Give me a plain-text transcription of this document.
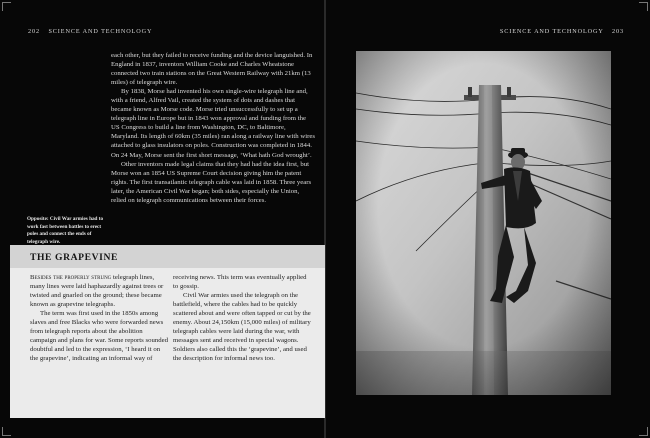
202 SCIENCE AND TECHNOLOGY

each other, but they failed to receive funding and the device languished. In England in 1837, inventors William Cooke and Charles Wheatstone connected two train stations on the Great Western Railway with 21km (13 miles) of telegraph wire.

By 1838, Morse had invented his own single-wire telegraph line and, with a friend, Alfred Vail, created the system of dots and dashes that became known as Morse code. Morse tried unsuccessfully to set up a telegraph line in Europe but in 1843 won approval and funding from the US Congress to build a line from Washington, DC, to Baltimore, Maryland. Its length of 60km (35 miles) ran along a railway line with wires attached to glass insulators on poles. Construction was completed in 1844. On 24 May, Morse sent the first short message, ‘What hath God wrought’.

Other inventors made legal claims that they had had the idea first, but Morse won an 1854 US Supreme Court decision giving him the patent rights. The first transatlantic telegraph cable was laid in 1858. Three years later, the American Civil War began; both sides, especially the Union, relied on telegraph communications between their forces.

Opposite: Civil War armies had to work fast between battles to erect poles and connect the ends of telegraph wire.
THE GRAPEVINE

Besides the properly strung telegraph lines, many lines were laid haphazardly against trees or twisted and gnarled on the ground; these became known as grapevine telegraphs.

The term was first used in the 1850s among slaves and free Blacks who were forwarded news from telegraph reports about the abolition campaign and plans for war. Some reports sounded doubtful and led to the expression, ‘I heard it on the grapevine’, indicating an informal way of

receiving news. This term was eventually applied to gossip.

Civil War armies used the telegraph on the battlefield, where the cables had to be quickly scattered about and were often tapped or cut by the enemy. About 24,150km (15,000 miles) of military telegraph cables were laid during the war, with messages sent and received in special wagons. Soldiers also called this the ‘grapevine’, and used the description for informal news too.

SCIENCE AND TECHNOLOGY 203
